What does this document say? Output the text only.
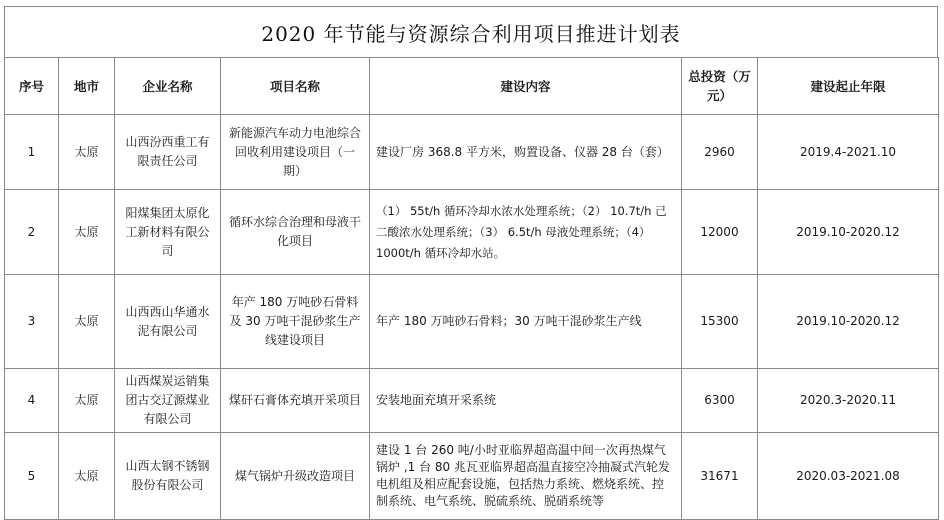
2020 年节能与资源综合利用项目推进计划表
序号	地市	企业名称	项目名称	建设内容	总投资（万元）	建设起止年限
1	太原	山西汾西重工有限责任公司	新能源汽车动力电池综合回收利用建设项目（一期）	建设厂房 368.8 平方米，购置设备、仪器 28 台（套）	2960	2019.4-2021.10
2	太原	阳煤集团太原化工新材料有限公司	循环水综合治理和母液干化项目	（1） 55t/h 循环冷却水浓水处理系统；（2） 10.7t/h 己二酸浓水处理系统；（3） 6.5t/h 母液处理系统；（4） 1000t/h 循环冷却水站。	12000	2019.10-2020.12
3	太原	山西西山华通水泥有限公司	年产 180 万吨砂石骨料及 30 万吨干混砂浆生产线建设项目	年产 180 万吨砂石骨料；30 万吨干混砂浆生产线	15300	2019.10-2020.12
4	太原	山西煤炭运销集团古交辽源煤业有限公司	煤矸石膏体充填开采项目	安装地面充填开采系统	6300	2020.3-2020.11
5	太原	山西太钢不锈钢股份有限公司	煤气锅炉升级改造项目	建设 1 台 260 吨/小时亚临界超高温中间一次再热煤气锅炉 ,1 台 80 兆瓦亚临界超高温直接空冷抽凝式汽轮发电机组及相应配套设施，包括热力系统、燃烧系统、控制系统、电气系统、脱硫系统、脱硝系统等	31671	2020.03-2021.08
